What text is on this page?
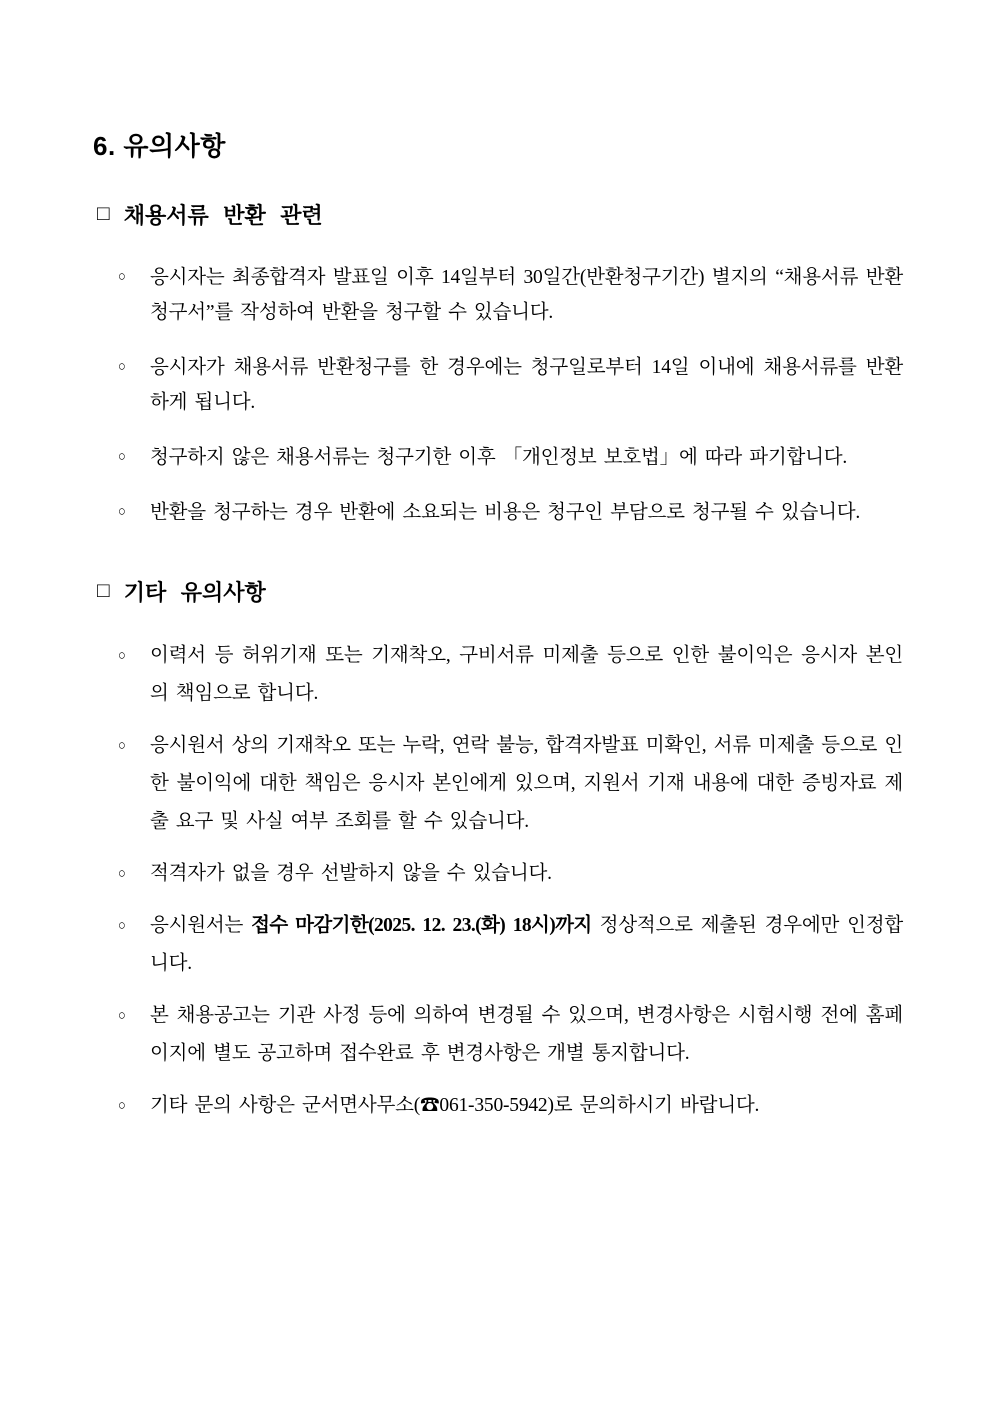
6. 유의사항
□ 채용서류 반환 관련
○	응시자는 최종합격자 발표일 이후 14일부터 30일간(반환청구기간) 별지의 “채용서류 반환청구서”를 작성하여 반환을 청구할 수 있습니다.

○	응시자가 채용서류 반환청구를 한 경우에는 청구일로부터 14일 이내에 채용서류를 반환하게 됩니다.

○	청구하지 않은 채용서류는 청구기한 이후 「개인정보 보호법」에 따라 파기합니다.

○	반환을 청구하는 경우 반환에 소요되는 비용은 청구인 부담으로 청구될 수 있습니다.

□ 기타 유의사항
○	이력서 등 허위기재 또는 기재착오, 구비서류 미제출 등으로 인한 불이익은 응시자 본인의 책임으로 합니다.

○	응시원서 상의 기재착오 또는 누락, 연락 불능, 합격자발표 미확인, 서류 미제출 등으로 인한 불이익에 대한 책임은 응시자 본인에게 있으며, 지원서 기재 내용에 대한 증빙자료 제출 요구 및 사실 여부 조회를 할 수 있습니다.

○	적격자가 없을 경우 선발하지 않을 수 있습니다.

○	응시원서는 접수 마감기한(2025. 12. 23.(화) 18시)까지 정상적으로 제출된 경우에만 인정합니다.

○	본 채용공고는 기관 사정 등에 의하여 변경될 수 있으며, 변경사항은 시험시행 전에 홈페이지에 별도 공고하며 접수완료 후 변경사항은 개별 통지합니다.

○	기타 문의 사항은 군서면사무소(☎061-350-5942)로 문의하시기 바랍니다.
